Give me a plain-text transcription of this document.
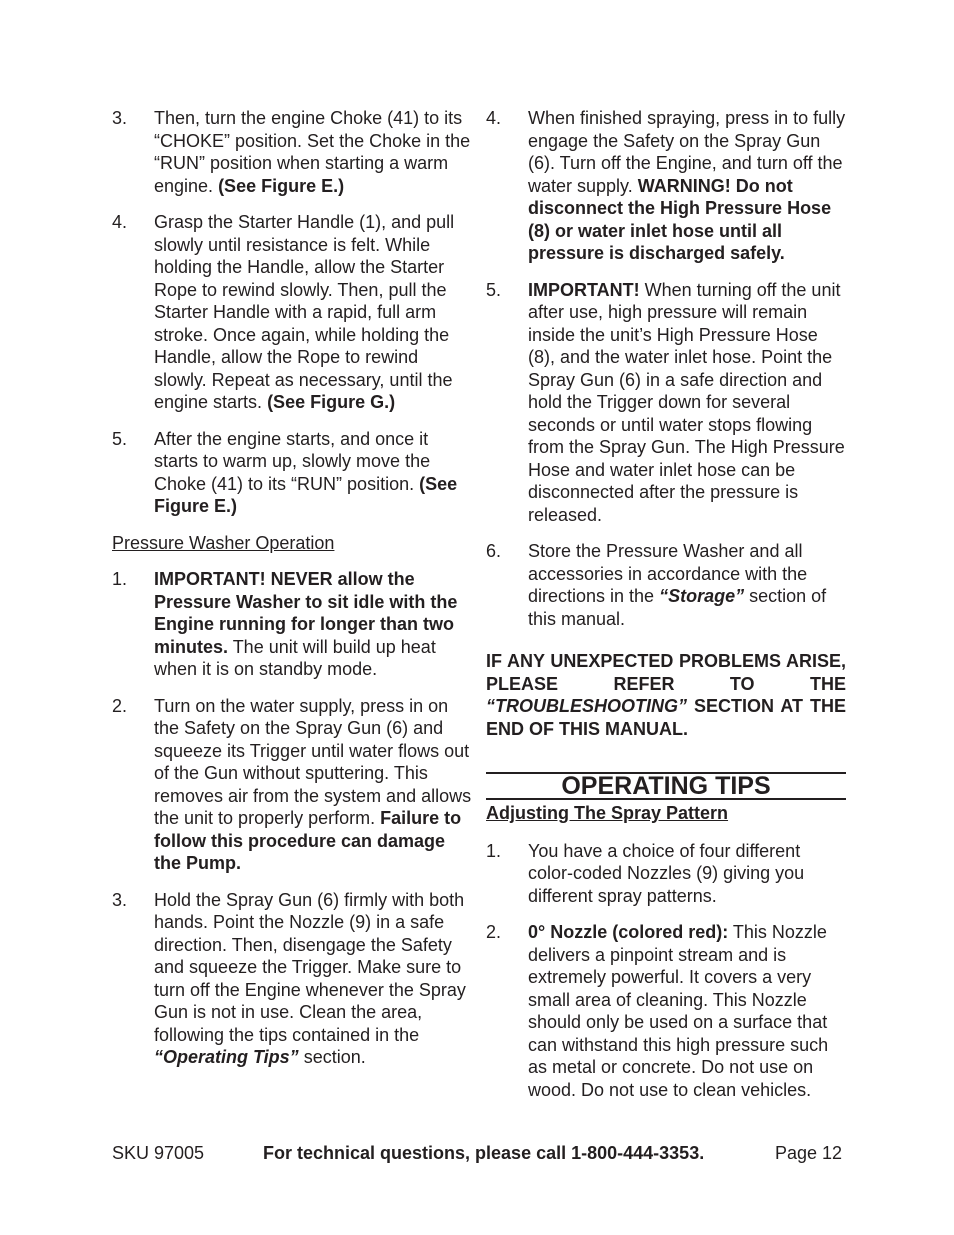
3.	Then, turn the engine Choke (41) to its “CHOKE” position. Set the Choke in the “RUN” position when starting a warm engine. (See Figure E.)
4.	Grasp the Starter Handle (1), and pull slowly until resistance is felt. While holding the Handle, allow the Starter Rope to rewind slowly. Then, pull the Starter Handle with a rapid, full arm stroke. Once again, while holding the Handle, allow the Rope to rewind slowly. Repeat as necessary, until the engine starts. (See Figure G.)
5.	After the engine starts, and once it starts to warm up, slowly move the Choke (41) to its “RUN” position. (See Figure E.)
Pressure Washer Operation
1.	IMPORTANT! NEVER allow the Pressure Washer to sit idle with the Engine running for longer than two minutes. The unit will build up heat when it is on standby mode.
2.	Turn on the water supply, press in on the Safety on the Spray Gun (6) and squeeze its Trigger until water flows out of the Gun without sputtering. This removes air from the system and allows the unit to properly perform. Failure to follow this procedure can damage the Pump.
3.	Hold the Spray Gun (6) firmly with both hands. Point the Nozzle (9) in a safe direction. Then, disengage the Safety and squeeze the Trigger. Make sure to turn off the Engine whenever the Spray Gun is not in use. Clean the area, following the tips contained in the “Operating Tips” section.
4.	When finished spraying, press in to fully engage the Safety on the Spray Gun (6). Turn off the Engine, and turn off the water supply. WARNING! Do not disconnect the High Pressure Hose (8) or water inlet hose until all pressure is discharged safely.
5.	IMPORTANT! When turning off the unit after use, high pressure will remain inside the unit’s High Pressure Hose (8), and the water inlet hose. Point the Spray Gun (6) in a safe direction and hold the Trigger down for several seconds or until water stops flowing from the Spray Gun. The High Pressure Hose and water inlet hose can be disconnected after the pressure is released.
6.	Store the Pressure Washer and all accessories in accordance with the directions in the “Storage” section of this manual.

IF ANY UNEXPECTED PROBLEMS ARISE, PLEASE REFER TO THE “TROUBLESHOOTING” SECTION AT THE END OF THIS MANUAL.

OPERATING TIPS
Adjusting The Spray Pattern
1.	You have a choice of four different color-coded Nozzles (9) giving you different spray patterns.
2.	0° Nozzle (colored red): This Nozzle delivers a pinpoint stream and is extremely powerful. It covers a very small area of cleaning. This Nozzle should only be used on a surface that can withstand this high pressure such as metal or concrete. Do not use on wood. Do not use to clean vehicles.
SKU 97005	For technical questions, please call 1-800-444-3353.	Page 12
